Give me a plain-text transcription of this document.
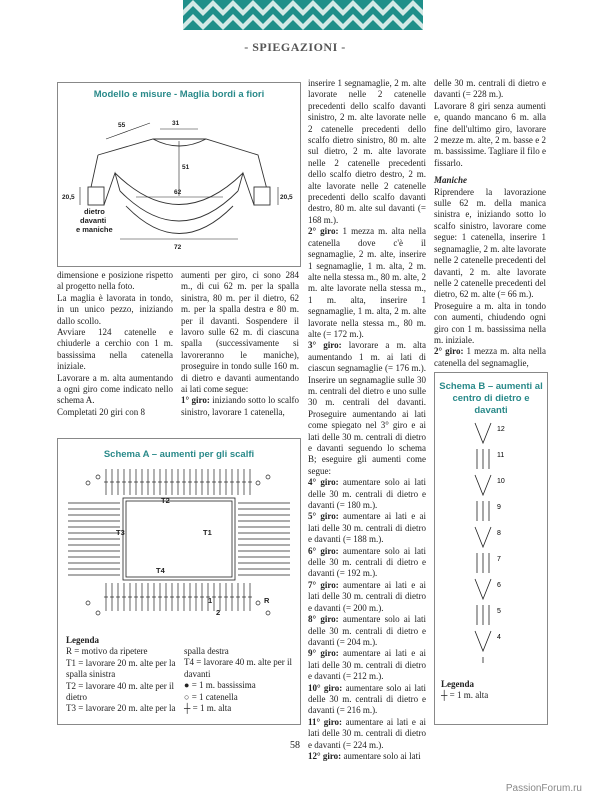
- SPIEGAZIONI -
Modello e misure - Maglia bordi a fiori
55	31
51
62
20,5	20,5
72
dietro
davanti
e maniche

dimensione e posizione rispetto al progetto nella foto.

La maglia è lavorata in tondo, in un unico pezzo, iniziando dallo scollo.

Avviare 124 catenelle e chiuderle a cerchio con 1 m. bassissima nella catenella iniziale.

Lavorare a m. alta aumentando a ogni giro come indicato nello schema A.

Completati 20 giri con 8

aumenti per giro, ci sono 284 m., di cui 62 m. per la spalla sinistra, 80 m. per il dietro, 62 m. per la spalla destra e 80 m. per il davanti. Sospendere il lavoro sulle 62 m. di ciascuna spalla (successivamente si lavoreranno le maniche), proseguire in tondo sulle 160 m. di dietro e davanti aumentando ai lati come segue:

1° giro: iniziando sotto lo scalfo sinistro, lavorare 1 catenella,

Schema A – aumenti per gli scalfi
T2
T3	T1
T4
R
1
2
Legenda
R = motivo da ripetere
T1 = lavorare 20 m. alte per la spalla sinistra
T2 = lavorare 40 m. alte per il dietro
T3 = lavorare 20 m. alte per la
spalla destra
T4 = lavorare 40 m. alte per il davanti
● = 1 m. bassissima
○ = 1 catenella
┼ = 1 m. alta

inserire 1 segnamaglie, 2 m. alte lavorate nelle 2 catenelle precedenti dello scalfo davanti sinistro, 2 m. alte lavorate nelle 2 catenelle precedenti dello scalfo dietro sinistro, 80 m. alte sul dietro, 2 m. alte lavorate nelle 2 catenelle precedenti dello scalfo dietro destro, 2 m. alte lavorate nelle 2 catenelle precedenti dello scalfo davanti destro, 80 m. alte sul davanti (= 168 m.).

2° giro: 1 mezza m. alta nella catenella dove c'è il segnamaglie, 2 m. alte, inserire 1 segnamaglie, 1 m. alta, 2 m. alte nella stessa m., 80 m. alte, 2 m. alte lavorate nella stessa m., 1 m. alta, inserire 1 segnamaglie, 1 m. alta, 2 m. alte lavorate nella stessa m., 80 m. alte (= 172 m.).

3° giro: lavorare a m. alta aumentando 1 m. ai lati di ciascun segnamaglie (= 176 m.). Inserire un segnamaglie sulle 30 m. centrali del dietro e uno sulle 30 m. centrali del davanti. Proseguire aumentando ai lati come spiegato nel 3° giro e ai lati delle 30 m. centrali di dietro e davanti seguendo lo schema B; eseguire gli aumenti come segue:

4° giro: aumentare solo ai lati delle 30 m. centrali di dietro e davanti (= 180 m.).

5° giro: aumentare ai lati e ai lati delle 30 m. centrali di dietro e davanti (= 188 m.).

6° giro: aumentare solo ai lati delle 30 m. centrali di dietro e davanti (= 192 m.).

7° giro: aumentare ai lati e ai lati delle 30 m. centrali di dietro e davanti (= 200 m.).

8° giro: aumentare solo ai lati delle 30 m. centrali di dietro e davanti (= 204 m.).

9° giro: aumentare ai lati e ai lati delle 30 m. centrali di dietro e davanti (= 212 m.).

10° giro: aumentare solo ai lati delle 30 m. centrali di dietro e davanti (= 216 m.).

11° giro: aumentare ai lati e ai lati delle 30 m. centrali di dietro e davanti (= 224 m.).

12° giro: aumentare solo ai lati

delle 30 m. centrali di dietro e davanti (= 228 m.).

Lavorare 8 giri senza aumenti e, quando mancano 6 m. alla fine dell'ultimo giro, lavorare 2 mezze m. alte, 2 m. basse e 2 m. bassissime. Tagliare il filo e fissarlo.

Maniche

Riprendere la lavorazione sulle 62 m. della manica sinistra e, iniziando sotto lo scalfo sinistro, lavorare come segue: 1 catenella, inserire 1 segnamaglie, 2 m. alte lavorate nelle 2 catenelle precedenti del davanti, 2 m. alte lavorate nelle 2 catenelle precedenti del dietro, 62 m. alte (= 66 m.).

Proseguire a m. alta in tondo con aumenti, chiudendo ogni giro con 1 m. bassissima nella m. iniziale.

2° giro: 1 mezza m. alta nella catenella del segnamaglie,

Schema B – aumenti al centro di dietro e davanti
12
11
10
9
8
7
6
5
4
Legenda
┼ = 1 m. alta
58
PassionForum.ru
